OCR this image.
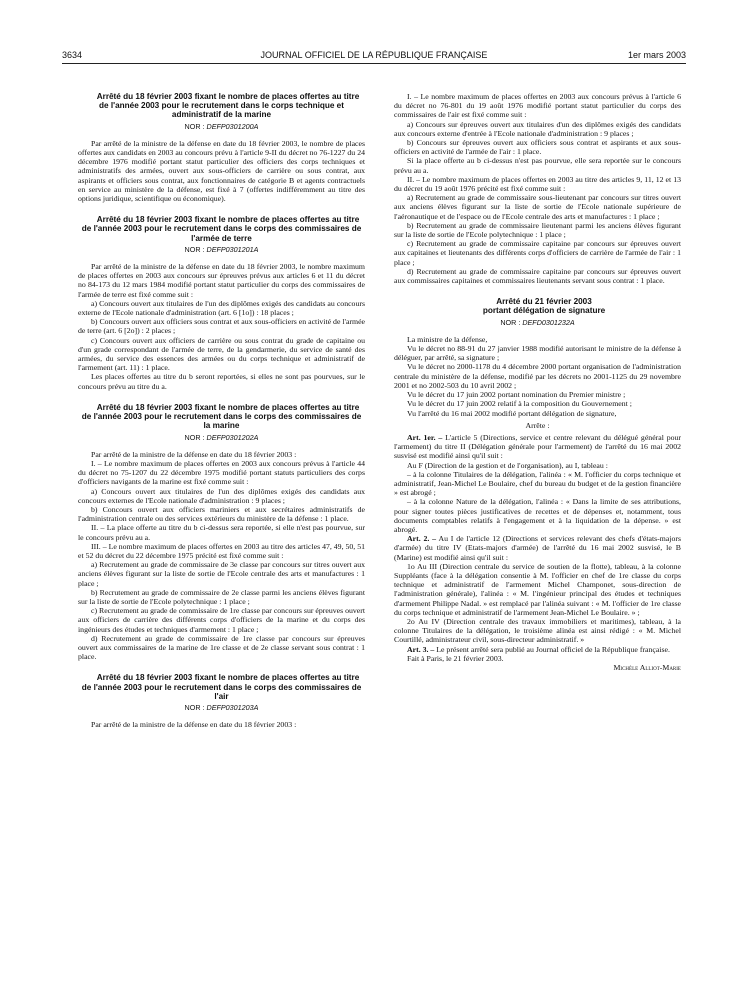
3634	JOURNAL OFFICIEL DE LA RÉPUBLIQUE FRANÇAISE	1er mars 2003

Arrêté du 18 février 2003 fixant le nombre de places offertes au titre de l'année 2003 pour le recrutement dans le corps technique et administratif de la marine

NOR : DEFP0301200A

Par arrêté de la ministre de la défense en date du 18 février 2003, le nombre de places offertes aux candidats en 2003 au concours prévu à l'article 9-II du décret no 76-1227 du 24 décembre 1976 modifié portant statut particulier des officiers des corps techniques et administratifs des armées, ouvert aux sous-officiers de carrière ou sous contrat, aux aspirants et officiers sous contrat, aux fonctionnaires de catégorie B et agents contractuels en service au ministère de la défense, est fixé à 7 (offertes indifféremment au titre des options juridique, scientifique ou économique).

Arrêté du 18 février 2003 fixant le nombre de places offertes au titre de l'année 2003 pour le recrutement dans le corps des commissaires de l'armée de terre

NOR : DEFP0301201A

Par arrêté de la ministre de la défense en date du 18 février 2003, le nombre maximum de places offertes en 2003 aux concours sur épreuves prévus aux articles 6 et 11 du décret no 84-173 du 12 mars 1984 modifié portant statut particulier du corps des commissaires de l'armée de terre est fixé comme suit :

a) Concours ouvert aux titulaires de l'un des diplômes exigés des candidats au concours externe de l'Ecole nationale d'administration (art. 6 [1o]) : 18 places ;

b) Concours ouvert aux officiers sous contrat et aux sous-officiers en activité de l'armée de terre (art. 6 [2o]) : 2 places ;

c) Concours ouvert aux officiers de carrière ou sous contrat du grade de capitaine ou d'un grade correspondant de l'armée de terre, de la gendarmerie, du service de santé des armées, du service des essences des armées ou du corps technique et administratif de l'armement (art. 11) : 1 place.

Les places offertes au titre du b seront reportées, si elles ne sont pas pourvues, sur le concours prévu au titre du a.

Arrêté du 18 février 2003 fixant le nombre de places offertes au titre de l'année 2003 pour le recrutement dans le corps des commissaires de la marine

NOR : DEFP0301202A

Par arrêté de la ministre de la défense en date du 18 février 2003 :

I. – Le nombre maximum de places offertes en 2003 aux concours prévus à l'article 44 du décret no 75-1207 du 22 décembre 1975 modifié portant statuts particuliers des corps d'officiers navigants de la marine est fixé comme suit :

a) Concours ouvert aux titulaires de l'un des diplômes exigés des candidats aux concours externes de l'Ecole nationale d'administration : 9 places ;

b) Concours ouvert aux officiers mariniers et aux secrétaires administratifs de l'administration centrale ou des services extérieurs du ministère de la défense : 1 place.

II. – La place offerte au titre du b ci-dessus sera reportée, si elle n'est pas pourvue, sur le concours prévu au a.

III. – Le nombre maximum de places offertes en 2003 au titre des articles 47, 49, 50, 51 et 52 du décret du 22 décembre 1975 précité est fixé comme suit :

a) Recrutement au grade de commissaire de 3e classe par concours sur titres ouvert aux anciens élèves figurant sur la liste de sortie de l'Ecole centrale des arts et manufactures : 1 place ;

b) Recrutement au grade de commissaire de 2e classe parmi les anciens élèves figurant sur la liste de sortie de l'Ecole polytechnique : 1 place ;

c) Recrutement au grade de commissaire de 1re classe par concours sur épreuves ouvert aux officiers de carrière des différents corps d'officiers de la marine et du corps des ingénieurs des études et techniques d'armement : 1 place ;

d) Recrutement au grade de commissaire de 1re classe par concours sur épreuves ouvert aux commissaires de la marine de 1re classe et de 2e classe servant sous contrat : 1 place.

Arrêté du 18 février 2003 fixant le nombre de places offertes au titre de l'année 2003 pour le recrutement dans le corps des commissaires de l'air

NOR : DEFP0301203A

Par arrêté de la ministre de la défense en date du 18 février 2003 :

I. – Le nombre maximum de places offertes en 2003 aux concours prévus à l'article 6 du décret no 76-801 du 19 août 1976 modifié portant statut particulier du corps des commissaires de l'air est fixé comme suit :

a) Concours sur épreuves ouvert aux titulaires d'un des diplômes exigés des candidats aux concours externe d'entrée à l'Ecole nationale d'administration : 9 places ;

b) Concours sur épreuves ouvert aux officiers sous contrat et aspirants et aux sous-officiers en activité de l'armée de l'air : 1 place.

Si la place offerte au b ci-dessus n'est pas pourvue, elle sera reportée sur le concours prévu au a.

II. – Le nombre maximum de places offertes en 2003 au titre des articles 9, 11, 12 et 13 du décret du 19 août 1976 précité est fixé comme suit :

a) Recrutement au grade de commissaire sous-lieutenant par concours sur titres ouvert aux anciens élèves figurant sur la liste de sortie de l'Ecole nationale supérieure de l'aéronautique et de l'espace ou de l'Ecole centrale des arts et manufactures : 1 place ;

b) Recrutement au grade de commissaire lieutenant parmi les anciens élèves figurant sur la liste de sortie de l'Ecole polytechnique : 1 place ;

c) Recrutement au grade de commissaire capitaine par concours sur épreuves ouvert aux capitaines et lieutenants des différents corps d'officiers de carrière de l'armée de l'air : 1 place ;

d) Recrutement au grade de commissaire capitaine par concours sur épreuves ouvert aux commissaires capitaines et commissaires lieutenants servant sous contrat : 1 place.

Arrêté du 21 février 2003

portant délégation de signature

NOR : DEFD0301232A

La ministre de la défense,

Vu le décret no 88-91 du 27 janvier 1988 modifié autorisant le ministre de la défense à déléguer, par arrêté, sa signature ;

Vu le décret no 2000-1178 du 4 décembre 2000 portant organisation de l'administration centrale du ministère de la défense, modifié par les décrets no 2001-1125 du 29 novembre 2001 et no 2002-503 du 10 avril 2002 ;

Vu le décret du 17 juin 2002 portant nomination du Premier ministre ;

Vu le décret du 17 juin 2002 relatif à la composition du Gouvernement ;

Vu l'arrêté du 16 mai 2002 modifié portant délégation de signature,

Arrête :

Art. 1er. – L'article 5 (Directions, service et centre relevant du délégué général pour l'armement) du titre II (Délégation générale pour l'armement) de l'arrêté du 16 mai 2002 susvisé est modifié ainsi qu'il suit :

Au F (Direction de la gestion et de l'organisation), au I, tableau :

– à la colonne Titulaires de la délégation, l'alinéa : « M. l'officier du corps technique et administratif, Jean-Michel Le Boulaire, chef du bureau du budget et de la gestion financière » est abrogé ;

– à la colonne Nature de la délégation, l'alinéa : « Dans la limite de ses attributions, pour signer toutes pièces justificatives de recettes et de dépenses et, notamment, tous documents comptables relatifs à l'engagement et à la liquidation de la dépense. » est abrogé.

Art. 2. – Au I de l'article 12 (Directions et services relevant des chefs d'états-majors d'armée) du titre IV (Etats-majors d'armée) de l'arrêté du 16 mai 2002 susvisé, le B (Marine) est modifié ainsi qu'il suit :

1o Au III (Direction centrale du service de soutien de la flotte), tableau, à la colonne Suppléants (face à la délégation consentie à M. l'officier en chef de 1re classe du corps technique et administratif de l'armement Michel Champonet, sous-direction de l'administration générale), l'alinéa : « M. l'ingénieur principal des études et techniques d'armement Philippe Nadal. » est remplacé par l'alinéa suivant : « M. l'officier de 1re classe du corps technique et administratif de l'armement Jean-Michel Le Boulaire. » ;

2o Au IV (Direction centrale des travaux immobiliers et maritimes), tableau, à la colonne Titulaires de la délégation, le troisième alinéa est ainsi rédigé : « M. Michel Courtillé, administrateur civil, sous-directeur administratif. »

Art. 3. – Le présent arrêté sera publié au Journal officiel de la République française.

Fait à Paris, le 21 février 2003.

Michèle Alliot-Marie
